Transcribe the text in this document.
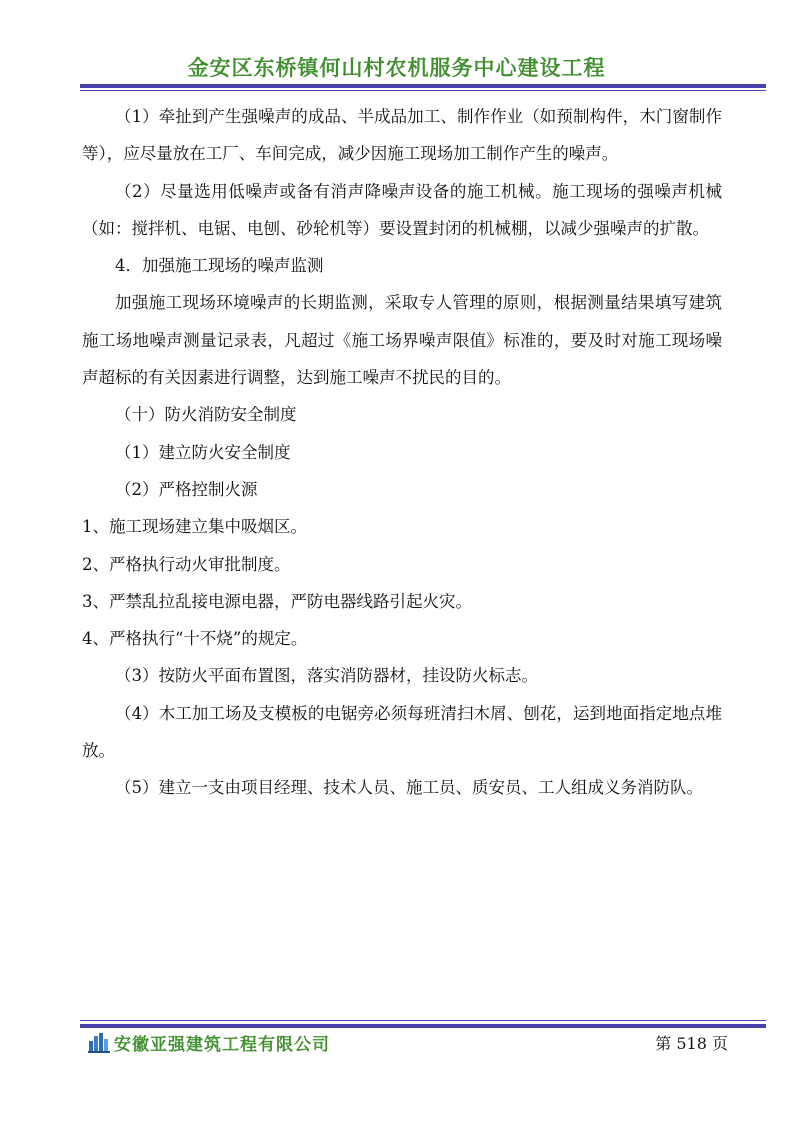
金安区东桥镇何山村农机服务中心建设工程

（1）牵扯到产生强噪声的成品、半成品加工、制作作业（如预制构件，木门窗制作等），应尽量放在工厂、车间完成，减少因施工现场加工制作产生的噪声。

（2）尽量选用低噪声或备有消声降噪声设备的施工机械。施工现场的强噪声机械（如：搅拌机、电锯、电刨、砂轮机等）要设置封闭的机械棚，以减少强噪声的扩散。

4．加强施工现场的噪声监测

加强施工现场环境噪声的长期监测，采取专人管理的原则，根据测量结果填写建筑施工场地噪声测量记录表，凡超过《施工场界噪声限值》标准的，要及时对施工现场噪声超标的有关因素进行调整，达到施工噪声不扰民的目的。

（十）防火消防安全制度

（1）建立防火安全制度

（2）严格控制火源

1、施工现场建立集中吸烟区。

2、严格执行动火审批制度。

3、严禁乱拉乱接电源电器，严防电器线路引起火灾。

4、严格执行“十不烧”的规定。

（3）按防火平面布置图，落实消防器材，挂设防火标志。

（4）木工加工场及支模板的电锯旁必须每班清扫木屑、刨花，运到地面指定地点堆放。

（5）建立一支由项目经理、技术人员、施工员、质安员、工人组成义务消防队。

安徽亚强建筑工程有限公司	第 518 页
